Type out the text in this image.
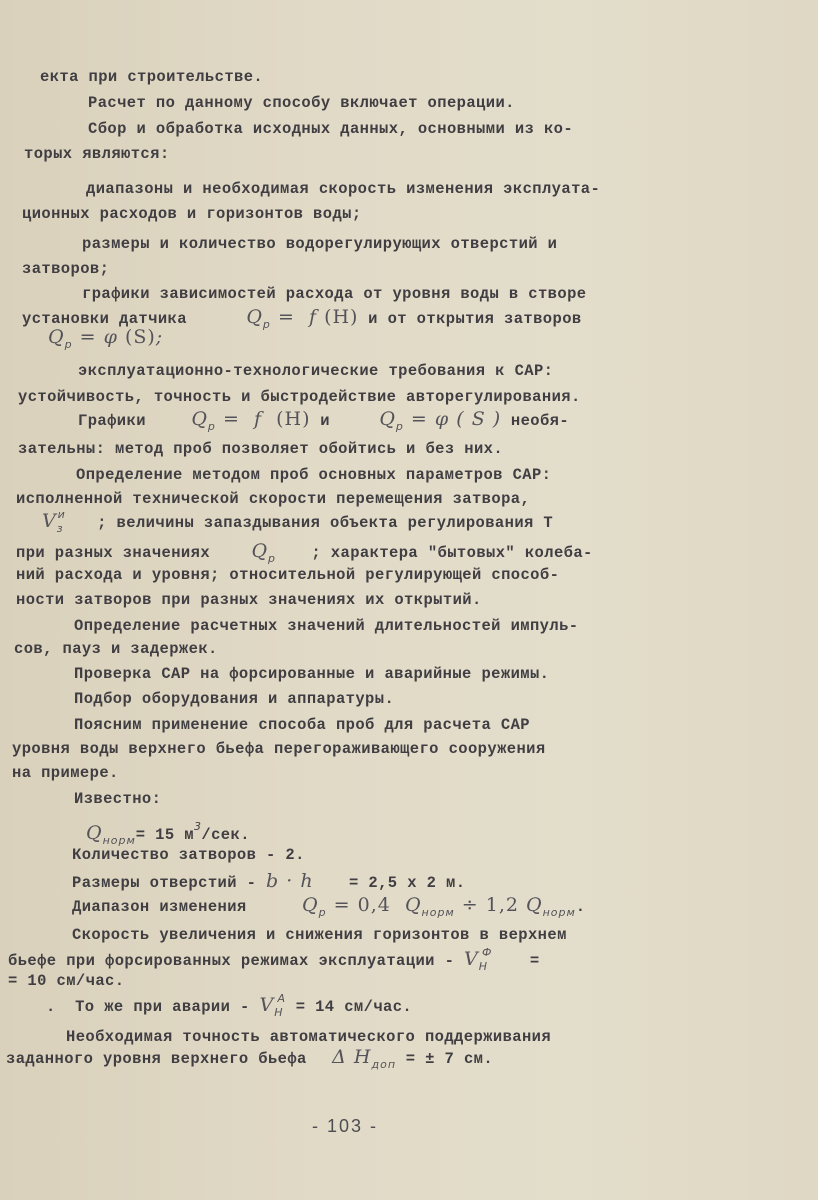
екта при строительстве.
Расчет по данному способу включает операции.
Сбор и обработка исходных данных, основными из ко-
торых являются:
диапазоны и необходимая скорость изменения эксплуата-
ционных расходов и горизонтов воды;
размеры и количество водорегулирующих отверстий и
затворов;
графики зависимостей расхода от уровня воды в створе
установки датчика	$Q_p = f$ (H) и от открытия затворов
$Q_p = \varphi$ (S);
эксплуатационно-технологические требования к САР:
устойчивость, точность и быстродействие авторегулирования.
Графики $Q_p = f$ (H) и	$Q_p = \varphi$ ( S ) необя-
зательны: метод проб позволяет обойтись и без них.
Определение методом проб основных параметров САР:
исполненной технической скорости перемещения затвора,
$V_з^и$ ; величины запаздывания объекта регулирования T
при разных значениях $Q_p$ ; характера "бытовых" колеба-
ний расхода и уровня; относительной регулирующей способ-
ности затворов при разных значениях их открытий.
Определение расчетных значений длительностей импуль-
сов, пауз и задержек.
Проверка САР на форсированные и аварийные режимы.
Подбор оборудования и аппаратуры.
Поясним применение способа проб для расчета САР
уровня воды верхнего бьефа перегораживающего сооружения
на примере.
Известно:
$Q_{норм}= 15$ $м^3$/сек.
Количество затворов - 2.
Размеры отверстий - b · h = 2,5 x 2 м.
Диапазон изменения	$Q_p = 0,4$ $Q_{норм} \div 1,2$ $Q_{норм}$.
Скорость увеличения и снижения горизонтов в верхнем
бьефе при форсированных режимах эксплуатации - $V_H^Ф$ =
= 10 см/час.
.  То же при аварии - $V_H^A = 14$ см/час.
Необходимая точность автоматического поддерживания
заданного уровня верхнего бьефа Δ $H_{доп}$ = ± 7 см.
- 103 -
